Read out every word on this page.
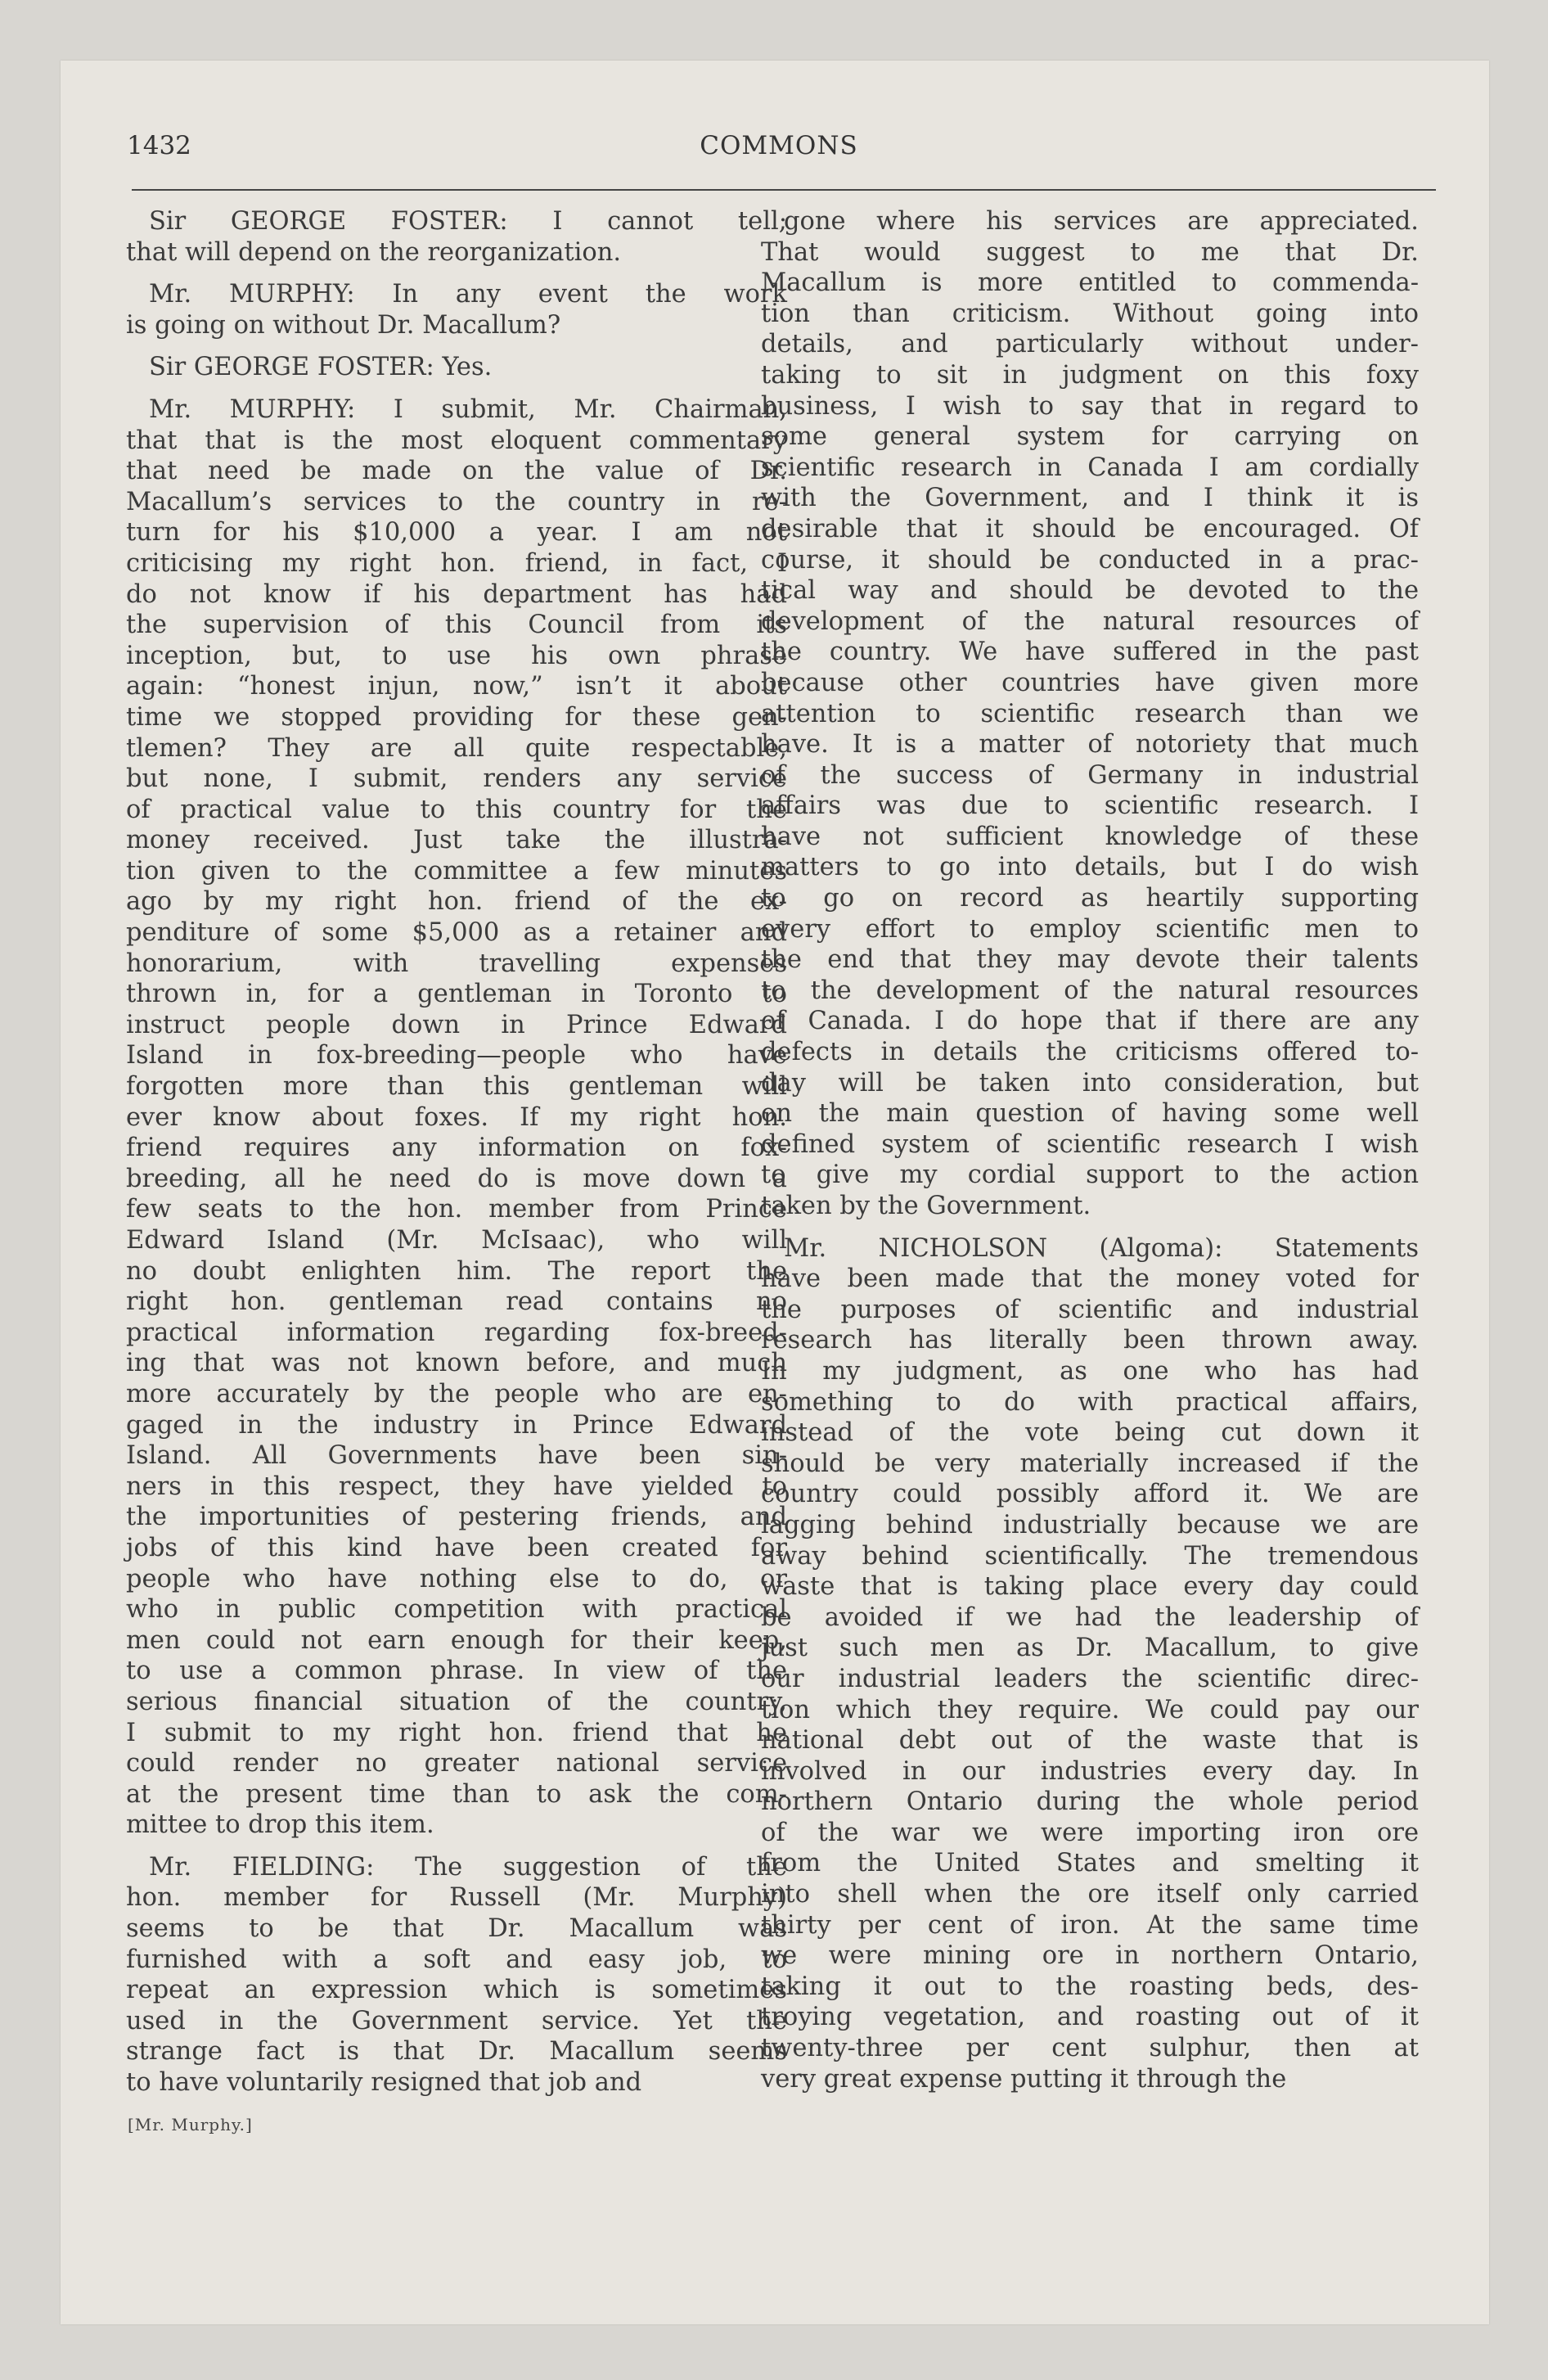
1432	COMMONS

Sir GEORGE FOSTER: I cannot tell;
that will depend on the reorganization.

Mr. MURPHY: In any event the work
is going on without Dr. Macallum?

Sir GEORGE FOSTER: Yes.

Mr. MURPHY: I submit, Mr. Chairman,
that that is the most eloquent commentary
that need be made on the value of Dr.
Macallum’s services to the country in re-
turn for his $10,000 a year. I am not
criticising my right hon. friend, in fact, I
do not know if his department has had
the supervision of this Council from its
inception, but, to use his own phrase
again: “honest injun, now,” isn’t it about
time we stopped providing for these gen-
tlemen? They are all quite respectable,
but none, I submit, renders any service
of practical value to this country for the
money received. Just take the illustra-
tion given to the committee a few minutes
ago by my right hon. friend of the ex-
penditure of some $5,000 as a retainer and
honorarium, with travelling expenses
thrown in, for a gentleman in Toronto to
instruct people down in Prince Edward
Island in fox-breeding—people who have
forgotten more than this gentleman will
ever know about foxes. If my right hon.
friend requires any information on fox-
breeding, all he need do is move down a
few seats to the hon. member from Prince
Edward Island (Mr. McIsaac), who will
no doubt enlighten him. The report the
right hon. gentleman read contains no
practical information regarding fox-breed-
ing that was not known before, and much
more accurately by the people who are en-
gaged in the industry in Prince Edward
Island. All Governments have been sin-
ners in this respect, they have yielded to
the importunities of pestering friends, and
jobs of this kind have been created for
people who have nothing else to do, or
who in public competition with practical
men could not earn enough for their keep,
to use a common phrase. In view of the
serious financial situation of the country,
I submit to my right hon. friend that he
could render no greater national service
at the present time than to ask the com-
mittee to drop this item.

Mr. FIELDING: The suggestion of the
hon. member for Russell (Mr. Murphy)
seems to be that Dr. Macallum was
furnished with a soft and easy job, to
repeat an expression which is sometimes
used in the Government service. Yet the
strange fact is that Dr. Macallum seems
to have voluntarily resigned that job and

[Mr. Murphy.]

gone where his services are appreciated.
That would suggest to me that Dr.
Macallum is more entitled to commenda-
tion than criticism. Without going into
details, and particularly without under-
taking to sit in judgment on this foxy
business, I wish to say that in regard to
some general system for carrying on
scientific research in Canada I am cordially
with the Government, and I think it is
desirable that it should be encouraged. Of
course, it should be conducted in a prac-
tical way and should be devoted to the
development of the natural resources of
the country. We have suffered in the past
because other countries have given more
attention to scientific research than we
have. It is a matter of notoriety that much
of the success of Germany in industrial
affairs was due to scientific research. I
have not sufficient knowledge of these
matters to go into details, but I do wish
to go on record as heartily supporting
every effort to employ scientific men to
the end that they may devote their talents
to the development of the natural resources
of Canada. I do hope that if there are any
defects in details the criticisms offered to-
day will be taken into consideration, but
on the main question of having some well
defined system of scientific research I wish
to give my cordial support to the action
taken by the Government.

Mr. NICHOLSON (Algoma): Statements
have been made that the money voted for
the purposes of scientific and industrial
research has literally been thrown away.
In my judgment, as one who has had
something to do with practical affairs,
instead of the vote being cut down it
should be very materially increased if the
country could possibly afford it. We are
lagging behind industrially because we are
away behind scientifically. The tremendous
waste that is taking place every day could
be avoided if we had the leadership of
just such men as Dr. Macallum, to give
our industrial leaders the scientific direc-
tion which they require. We could pay our
national debt out of the waste that is
involved in our industries every day. In
northern Ontario during the whole period
of the war we were importing iron ore
from the United States and smelting it
into shell when the ore itself only carried
thirty per cent of iron. At the same time
we were mining ore in northern Ontario,
taking it out to the roasting beds, des-
troying vegetation, and roasting out of it
twenty-three per cent sulphur, then at
very great expense putting it through the
